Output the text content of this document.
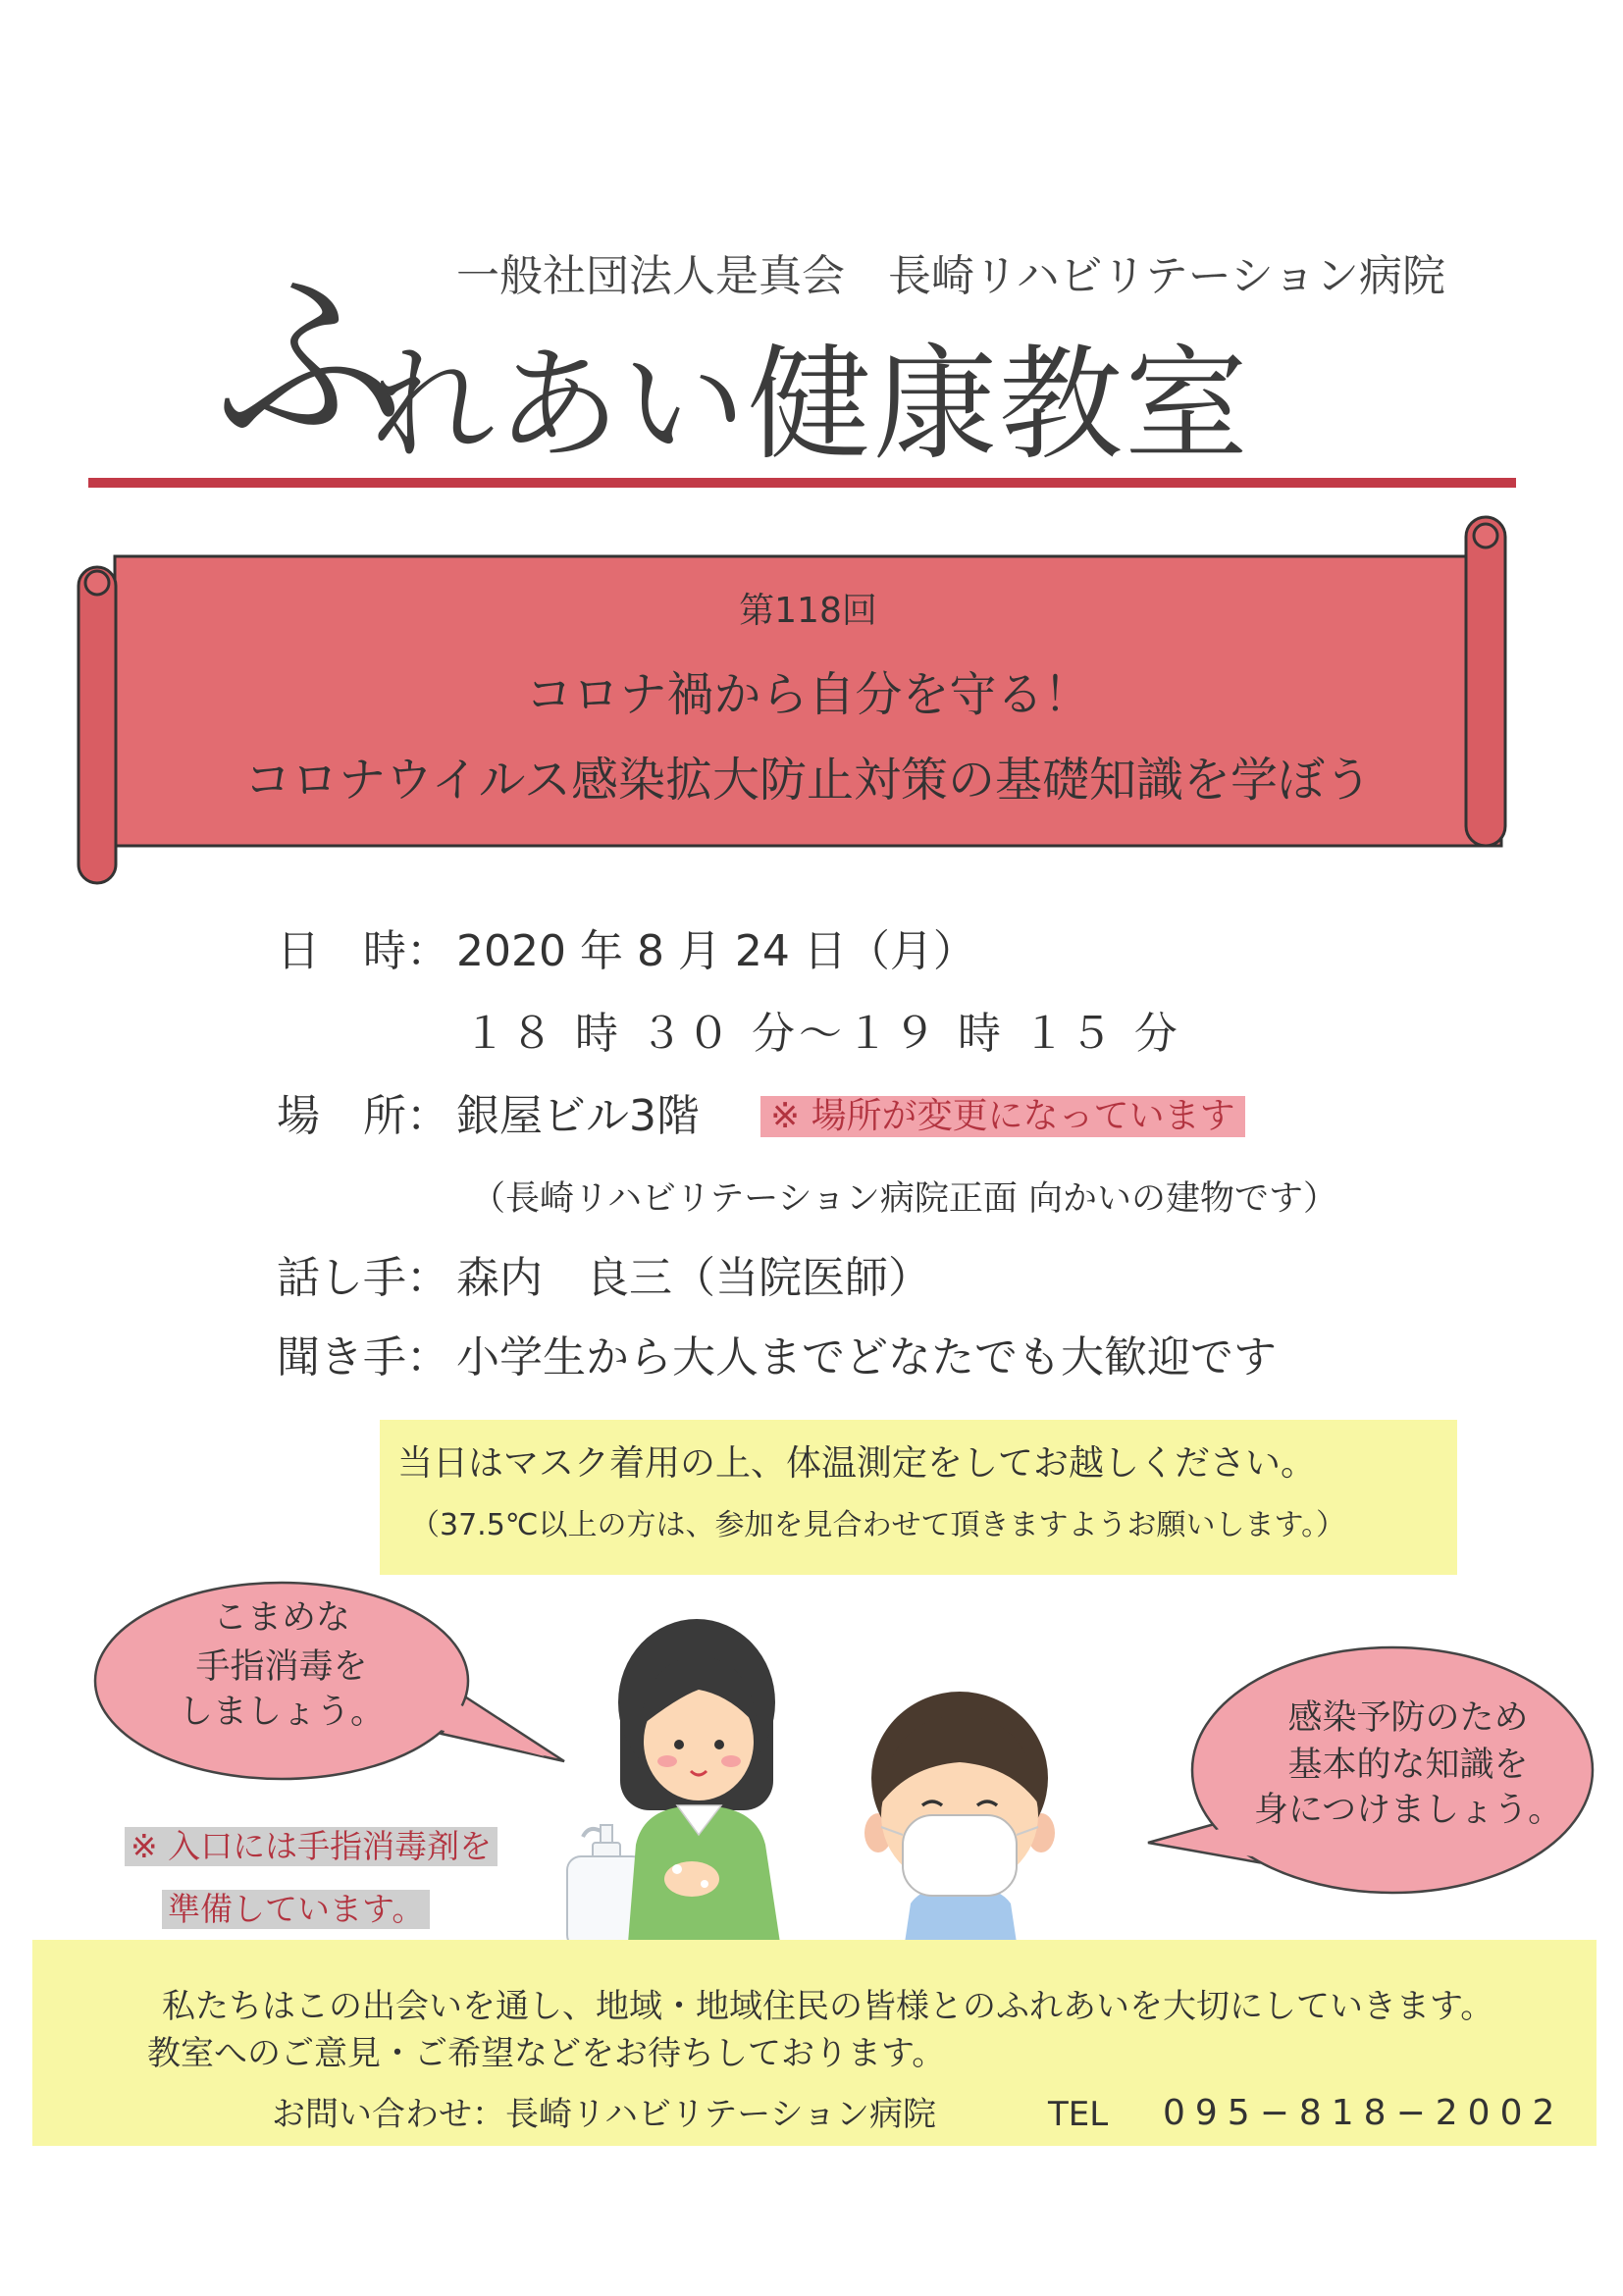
一般社団法人是真会　長崎リハビリテーション病院
ふ
れあい健康教室
第118回
コロナ禍から自分を守る！
コロナウイルス感染拡大防止対策の基礎知識を学ぼう
日　時： 2020 年 8 月 24 日（月）
１８ 時 ３０ 分～１９ 時 １５ 分
場　所： 銀屋ビル3階 ※ 場所が変更になっています
（長崎リハビリテーション病院正面 向かいの建物です）
話し手： 森内　良三（当院医師）
聞き手： 小学生から大人までどなたでも大歓迎です
当日はマスク着用の上、体温測定をしてお越しください。
（37.5℃以上の方は、参加を見合わせて頂きますようお願いします。）
こまめな
手指消毒を
しましょう。	感染予防のため
基本的な知識を
身につけましょう。
※ 入口には手指消毒剤を
準備しています。
私たちはこの出会いを通し、地域・地域住民の皆様とのふれあいを大切にしていきます。
教室へのご意見・ご希望などをお待ちしております。
お問い合わせ：長崎リハビリテーション病院	TEL 095−818−2002
